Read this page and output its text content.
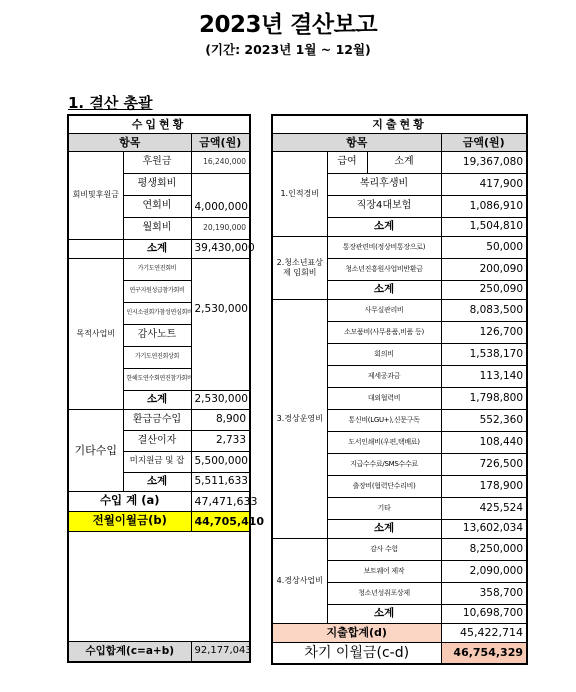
2023년 결산보고
(기간: 2023년 1월 ~ 12월)
1. 결산 총괄
수입현황		
항목		금액(원)
회비및후원금	후원금	16,240,000
	평생회비	4,000,000
	연회비	
	월회비	20,190,000
	소계	39,430,000
목적사업비	가기도연진회비	2,530,000
	연구지원성급참가회비	
	인시소권회가참성연심회비	
	감사노트	
	가기도연진회상회	
	한해도연수회연진참가회비	
	소계	2,530,000
기타수입	환급금수입	8,900
	결산이자	2,733
	미지원금 및 잡	5,500,000
	소계	5,511,633
수입 계 (a)		47,471,633
전월이월금(b)		44,705,410

수입합계(c=a+b)		92,177,043
지출현황			
항목			금액(원)
1.인적경비	급여	소계	19,367,080
	복리후생비		417,900
	직장4대보험		1,086,910
	소계		1,504,810
2.청소년표상제 임회비	통장관련비(정상비통장으로)		50,000
	청소년진흥원사업비반환금		200,090
	소계		250,090
3.경상운영비	사무실관리비		8,083,500
	소모품비(사무용품,비품 등)		126,700
	회의비		1,538,170
	제세공과금		113,140
	대외협력비		1,798,800
	통신비(LGU+),신문구독		552,360
	도서인쇄비(우편,택배료)		108,440
	지급수수료/SMS수수료		726,500
	출장비(협력단수리비)		178,900
	기타		425,524
	소계		13,602,034
4.경상사업비	감사 수험		8,250,000
	보트웨어 제작		2,090,000
	청소년성취포상제		358,700
	소계		10,698,700
지출합계(d)			45,422,714
차기 이월금(c-d)			46,754,329
